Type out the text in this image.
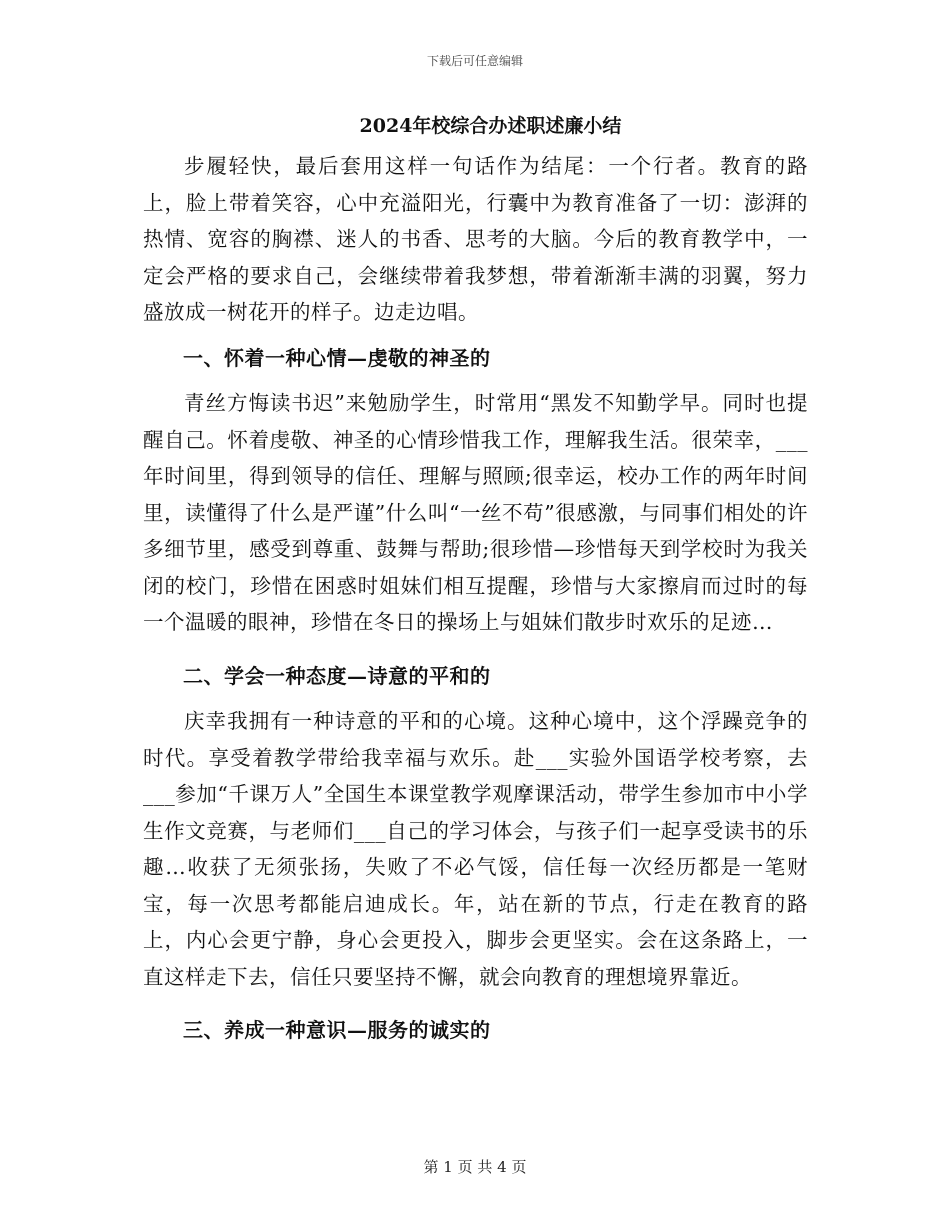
下载后可任意编辑
2024年校综合办述职述廉小结

步履轻快，最后套用这样一句话作为结尾：一个行者。教育的路上，脸上带着笑容，心中充溢阳光，行囊中为教育准备了一切：澎湃的热情、宽容的胸襟、迷人的书香、思考的大脑。今后的教育教学中，一定会严格的要求自己，会继续带着我梦想，带着渐渐丰满的羽翼，努力盛放成一树花开的样子。边走边唱。

一、怀着一种心情—虔敬的神圣的

青丝方悔读书迟”来勉励学生，时常用“黑发不知勤学早。同时也提醒自己。怀着虔敬、神圣的心情珍惜我工作，理解我生活。很荣幸，___年时间里，得到领导的信任、理解与照顾;很幸运，校办工作的两年时间里，读懂得了什么是严谨”什么叫“一丝不苟”很感激，与同事们相处的许多细节里，感受到尊重、鼓舞与帮助;很珍惜—珍惜每天到学校时为我关闭的校门，珍惜在困惑时姐妹们相互提醒，珍惜与大家擦肩而过时的每一个温暖的眼神，珍惜在冬日的操场上与姐妹们散步时欢乐的足迹…

二、学会一种态度—诗意的平和的

庆幸我拥有一种诗意的平和的心境。这种心境中，这个浮躁竞争的时代。享受着教学带给我幸福与欢乐。赴___实验外国语学校考察，去___参加“千课万人”全国生本课堂教学观摩课活动，带学生参加市中小学生作文竞赛，与老师们___自己的学习体会，与孩子们一起享受读书的乐趣…收获了无须张扬，失败了不必气馁，信任每一次经历都是一笔财宝，每一次思考都能启迪成长。年，站在新的节点，行走在教育的路上，内心会更宁静，身心会更投入，脚步会更坚实。会在这条路上，一直这样走下去，信任只要坚持不懈，就会向教育的理想境界靠近。

三、养成一种意识—服务的诚实的

第 1 页 共 4 页
